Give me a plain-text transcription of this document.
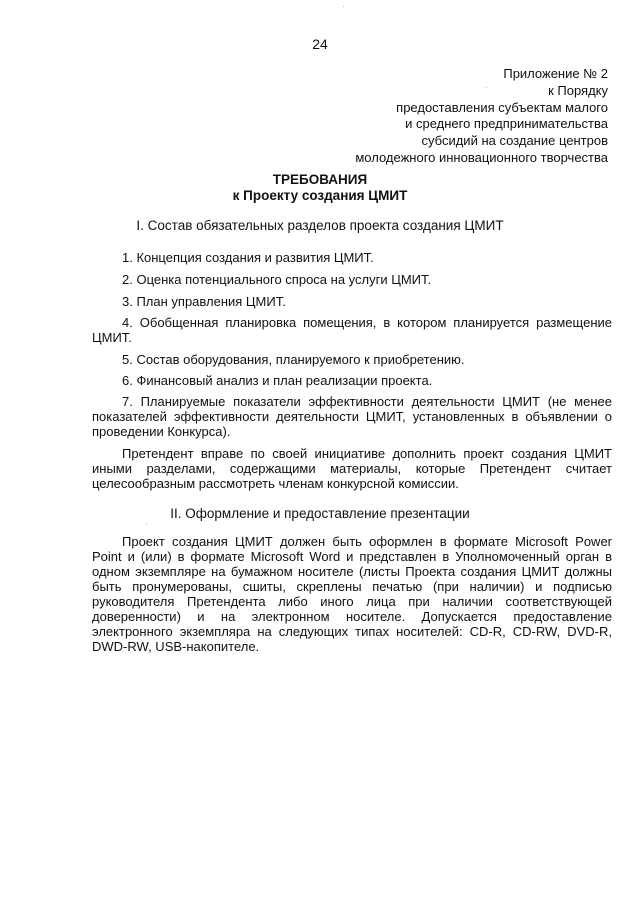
24
Приложение № 2
к Порядку
предоставления субъектам малого
и среднего предпринимательства
субсидий на создание центров
молодежного инновационного творчества
ТРЕБОВАНИЯ
к Проекту создания ЦМИТ
I. Состав обязательных разделов проекта создания ЦМИТ
1. Концепция создания и развития ЦМИТ.
2. Оценка потенциального спроса на услуги ЦМИТ.
3. План управления ЦМИТ.
4. Обобщенная планировка помещения, в котором планируется размещение ЦМИТ.
5. Состав оборудования, планируемого к приобретению.
6. Финансовый анализ и план реализации проекта.
7. Планируемые показатели эффективности деятельности ЦМИТ (не менее показателей эффективности деятельности ЦМИТ, установленных в объявлении о проведении Конкурса).
Претендент вправе по своей инициативе дополнить проект создания ЦМИТ иными разделами, содержащими материалы, которые Претендент считает целесообразным рассмотреть членам конкурсной комиссии.
II. Оформление и предоставление презентации
Проект создания ЦМИТ должен быть оформлен в формате Microsoft Power Point и (или) в формате Microsoft Word и представлен в Уполномоченный орган в одном экземпляре на бумажном носителе (листы Проекта создания ЦМИТ должны быть пронумерованы, сшиты, скреплены печатью (при наличии) и подписью руководителя Претендента либо иного лица при наличии соответствующей доверенности) и на электронном носителе. Допускается предоставление электронного экземпляра на следующих типах носителей: CD-R, CD-RW, DVD-R, DWD-RW, USB-накопителе.
